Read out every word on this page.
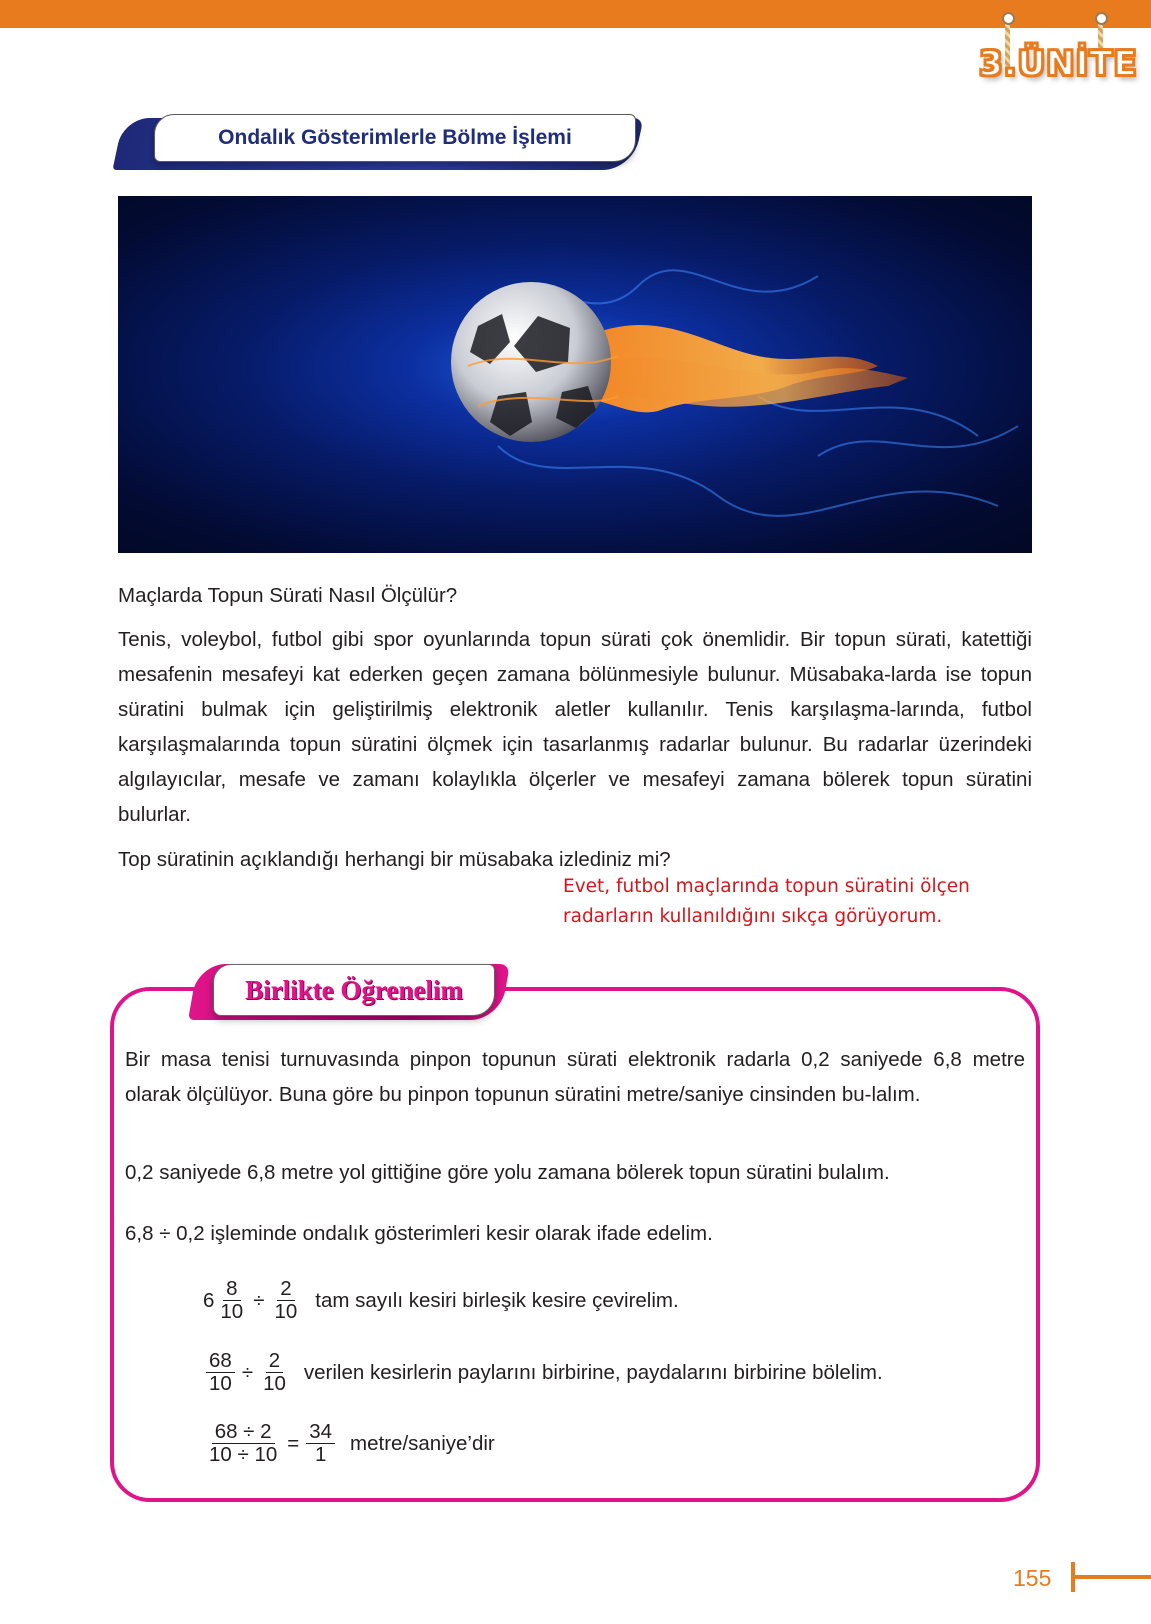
3.ÜNİTE
Ondalık Gösterimlerle Bölme İşlemi
Maçlarda Topun Sürati Nasıl Ölçülür?
Tenis, voleybol, futbol gibi spor oyunlarında topun sürati çok önemlidir. Bir topun sürati, katettiği mesafenin mesafeyi kat ederken geçen zamana bölünmesiyle bulunur. Müsabaka-larda ise topun süratini bulmak için geliştirilmiş elektronik aletler kullanılır. Tenis karşılaşma-larında, futbol karşılaşmalarında topun süratini ölçmek için tasarlanmış radarlar bulunur. Bu radarlar üzerindeki algılayıcılar, mesafe ve zamanı kolaylıkla ölçerler ve mesafeyi zamana bölerek topun süratini bulurlar.
Top süratinin açıklandığı herhangi bir müsabaka izlediniz mi?
Evet, futbol maçlarında topun süratini ölçen
radarların kullanıldığını sıkça görüyorum.
Birlikte Öğrenelim
Bir masa tenisi turnuvasında pinpon topunun sürati elektronik radarla 0,2 saniyede 6,8 metre olarak ölçülüyor. Buna göre bu pinpon topunun süratini metre/saniye cinsinden bu-lalım.
0,2 saniyede 6,8 metre yol gittiğine göre yolu zamana bölerek topun süratini bulalım.
6,8 ÷ 0,2 işleminde ondalık gösterimleri kesir olarak ifade edelim.
$6 \frac{8}{10} \div \frac{2}{10}$ tam sayılı kesiri birleşik kesire çevirelim.
$\frac{68}{10} \div \frac{2}{10}$ verilen kesirlerin paylarını birbirine, paydalarını birbirine bölelim.
$\frac{68 \div 2}{10 \div 10} = \frac{34}{1}$ metre/saniye’dir
155
